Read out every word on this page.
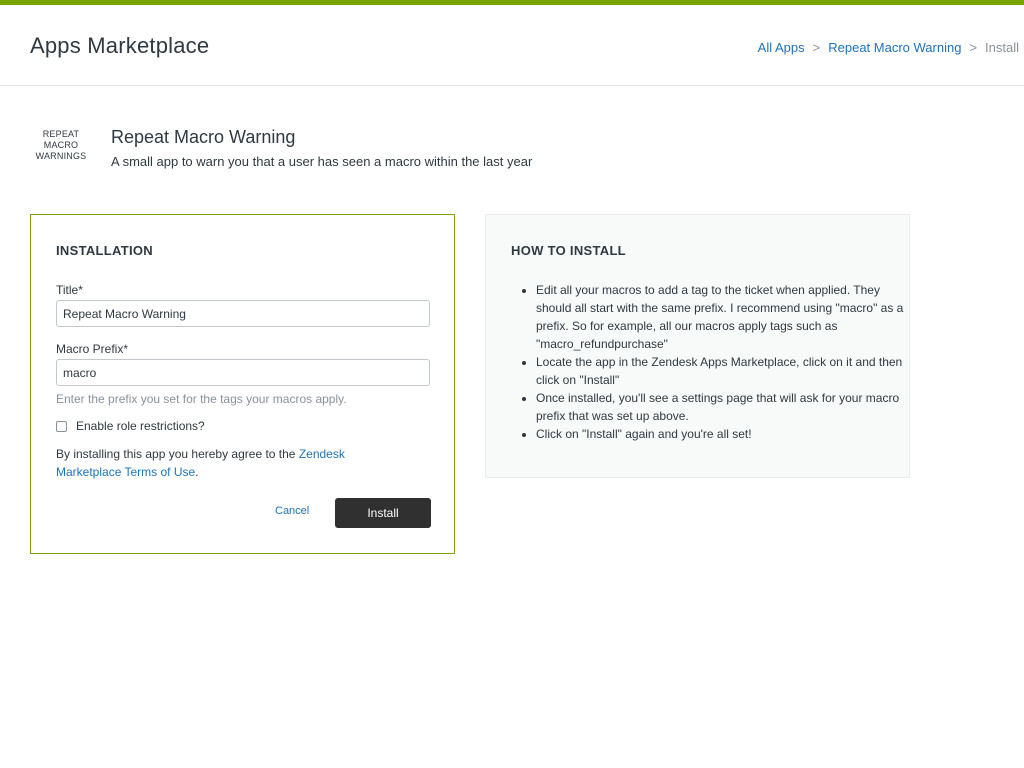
Apps Marketplace	All Apps > Repeat Macro Warning > Install
REPEAT
MACRO
WARNINGS
Repeat Macro Warning
A small app to warn you that a user has seen a macro within the last year
INSTALLATION
Title*
Repeat Macro Warning
Macro Prefix*
macro
Enter the prefix you set for the tags your macros apply.
Enable role restrictions?
By installing this app you hereby agree to the Zendesk Marketplace Terms of Use.
Cancel	Install
HOW TO INSTALL
• Edit all your macros to add a tag to the ticket when applied. They should all start with the same prefix. I recommend using "macro" as a prefix. So for example, all our macros apply tags such as "macro_refundpurchase"
• Locate the app in the Zendesk Apps Marketplace, click on it and then click on "Install"
• Once installed, you'll see a settings page that will ask for your macro prefix that was set up above.
• Click on "Install" again and you're all set!
